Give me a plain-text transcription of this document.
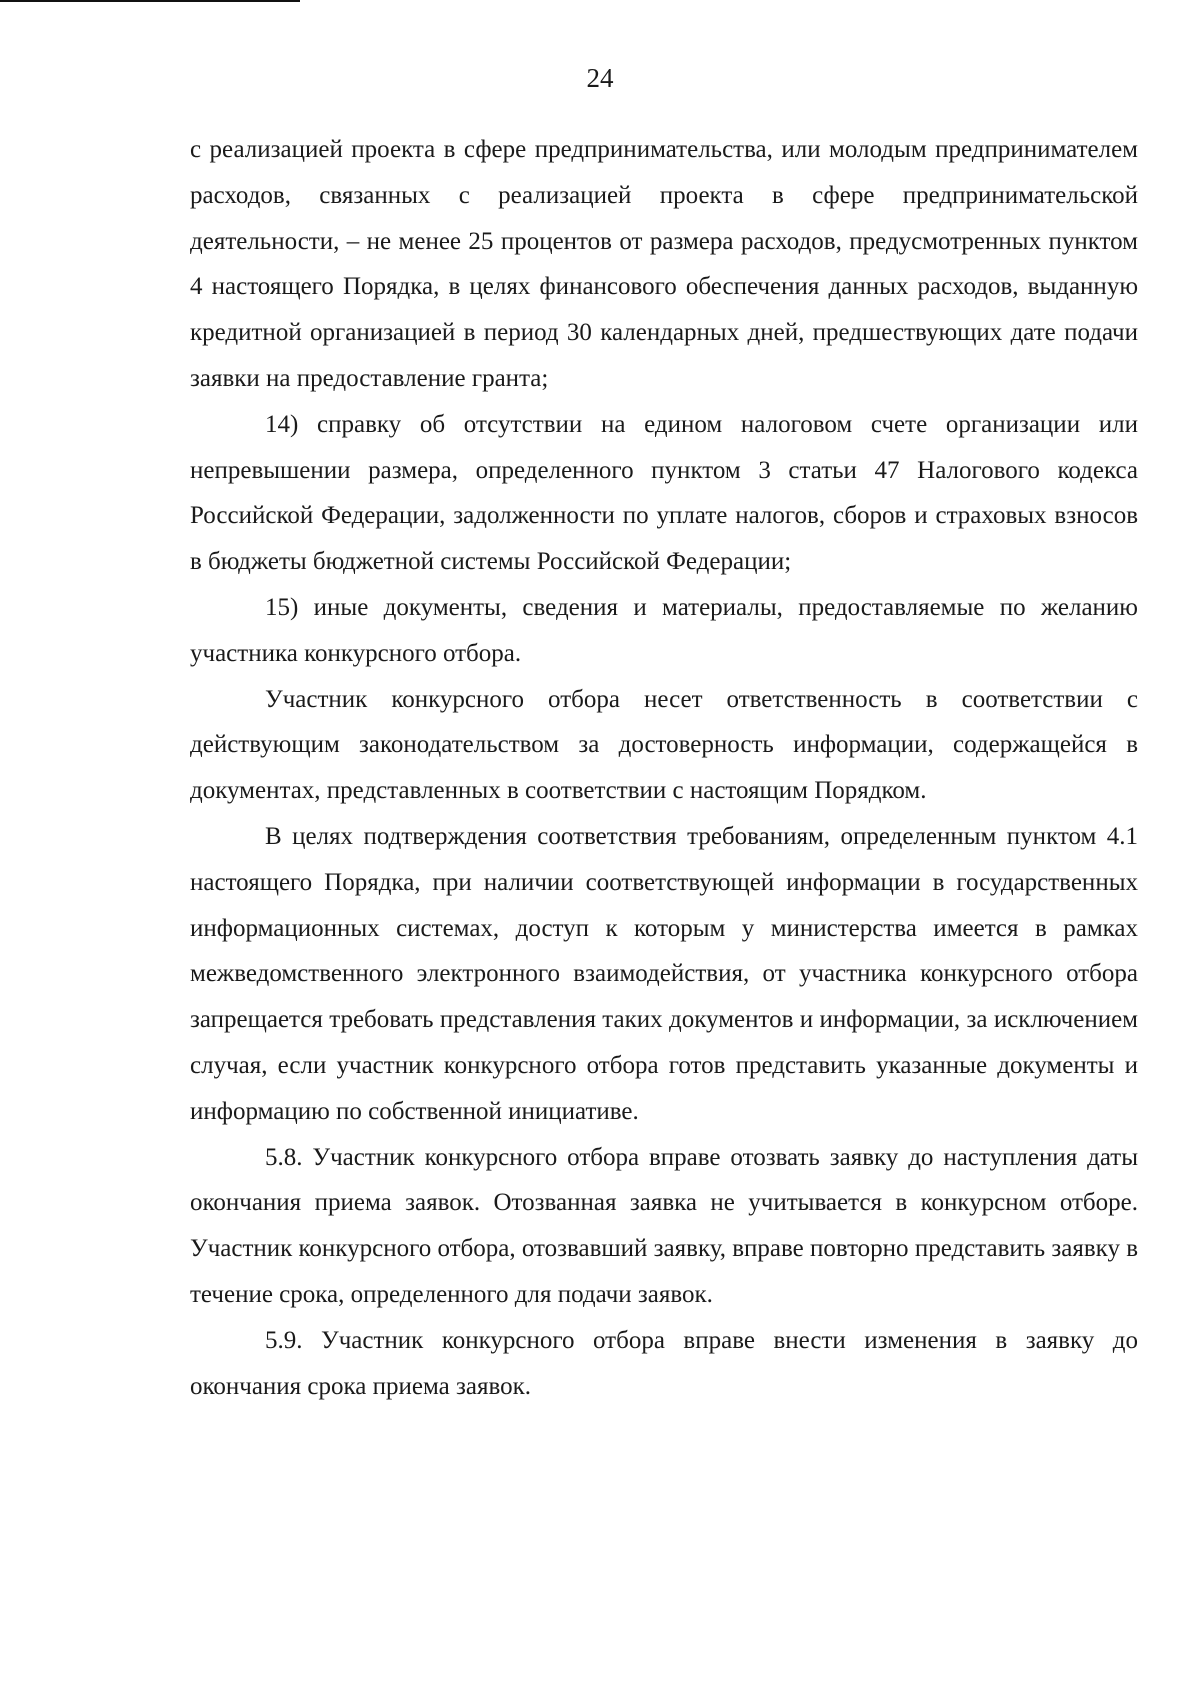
24

с реализацией проекта в сфере предпринимательства, или молодым предпринимателем расходов, связанных с реализацией проекта в сфере предпринимательской деятельности, – не менее 25 процентов от размера расходов, предусмотренных пунктом 4 настоящего Порядка, в целях финансового обеспечения данных расходов, выданную кредитной организацией в период 30 календарных дней, предшествующих дате подачи заявки на предоставление гранта;

14) справку об отсутствии на едином налоговом счете организации или непревышении размера, определенного пунктом 3 статьи 47 Налогового кодекса Российской Федерации, задолженности по уплате налогов, сборов и страховых взносов в бюджеты бюджетной системы Российской Федерации;

15) иные документы, сведения и материалы, предоставляемые по желанию участника конкурсного отбора.

Участник конкурсного отбора несет ответственность в соответствии с действующим законодательством за достоверность информации, содержащейся в документах, представленных в соответствии с настоящим Порядком.

В целях подтверждения соответствия требованиям, определенным пунктом 4.1 настоящего Порядка, при наличии соответствующей информации в государственных информационных системах, доступ к которым у министерства имеется в рамках межведомственного электронного взаимодействия, от участника конкурсного отбора запрещается требовать представления таких документов и информации, за исключением случая, если участник конкурсного отбора готов представить указанные документы и информацию по собственной инициативе.

5.8. Участник конкурсного отбора вправе отозвать заявку до наступления даты окончания приема заявок. Отозванная заявка не учитывается в конкурсном отборе. Участник конкурсного отбора, отозвавший заявку, вправе повторно представить заявку в течение срока, определенного для подачи заявок.

5.9. Участник конкурсного отбора вправе внести изменения в заявку до окончания срока приема заявок.
